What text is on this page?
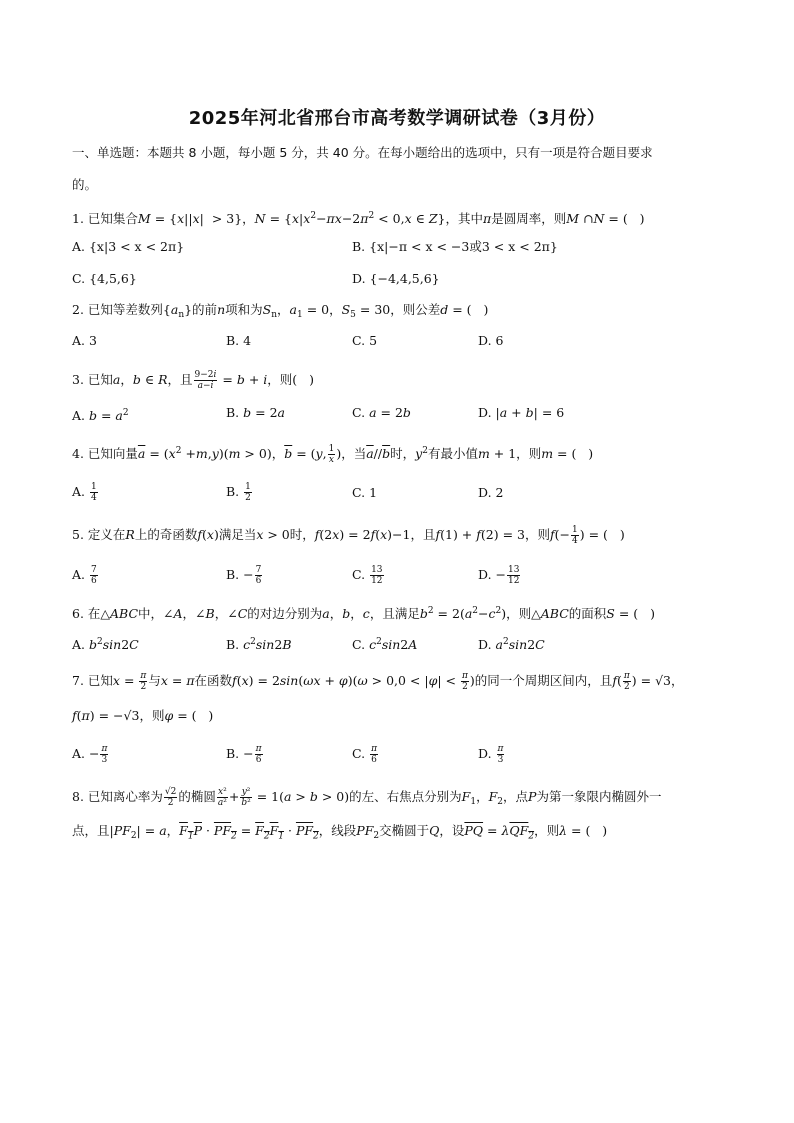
2025年河北省邢台市高考数学调研试卷（3月份）
一、单选题：本题共 8 小题，每小题 5 分，共 40 分。在每小题给出的选项中，只有一项是符合题目要求
的。
1. 已知集合M = {x||x|  > 3}，$N = \{x|x^2-\pi x-2\pi^2 < 0,x$ ∈ Z}，其中π是圆周率，则M ∩N = (   )
A. {x|3 < x < 2π}	B. {x|−π < x < −3或3 < x < 2π}
C. {4,5,6}	D. {−4,4,5,6}
2. 已知等差数列$\{a_n\}$的前n项和为$S_n$，$a_1 = 0$，$S_5 = 30$，则公差d = (   )
A. 3	B. 4	C. 5	D. 6
3. 已知a，b ∈ R，且 $\frac{9-2i}{a-i} = b + i$，则(   )
A. $b = a^2$	B. b = 2a	C. a = 2b	D. |a + b| = 6
4. 已知向量$\overline{a} = (x^2 +m,y)(m > 0)$，$\overline{b} = (y$, $\frac{1}{x}$ )，当$\overline{a}//\overline{b}$时，$y^2$有最小值m + 1，则m = (   )
A. $\frac{1}{4}$	B. $\frac{1}{2}$	C. 1	D. 2
5. 定义在R上的奇函数f(x)满足当x > 0时，f(2x) = 2f(x)−1，且f(1) + f(2) = 3，则$f(- \frac{1}{4}$ ) = (   )
A. $\frac{7}{6}$	B. − $\frac{7}{6}$	C. $\frac{13}{12}$	D. − $\frac{13}{12}$
6. 在△ABC中，∠A，∠B，∠C的对边分别为a，b，c，且满足$b^2 = 2(a^2-c^2)$，则△ABC的面积S = (   )
A. $b^2\sin 2C$	B. $c^2\sin 2B$	C. $c^2\sin 2A$	D. $a^2\sin 2C$
7. 已知$x = \frac{\pi}{2}$ 与x = π在函数$f(x) = 2\sin(\omega x + \varphi)(\omega > 0,0 < |\varphi| < \frac{\pi}{2}$ )的同一个周期区间内，且$f( \frac{\pi}{2}$ ) = √3，
f(π) = −√3，则φ = (   )
A. − $\frac{\pi}{3}$	B. − $\frac{\pi}{6}$	C. $\frac{\pi}{6}$	D. $\frac{\pi}{3}$
8. 已知离心率为 $\frac{√2}{2}$ 的椭圆 $\frac{\text{x²}}{\text{a²}} + \frac{\text{y²}}{\text{b²}} = 1(a > b > 0)$的左、右焦点分别为$F_1$，$F_2$，点P为第一象限内椭圆外一
点，且$|PF_2| = a$，$F_1P \cdot PF_2 = F_2F_1 \cdot PF_2$，线段$PF_2$交椭圆于Q，设$\overline{PQ} = \lambda QF_2$，则λ = (   )
